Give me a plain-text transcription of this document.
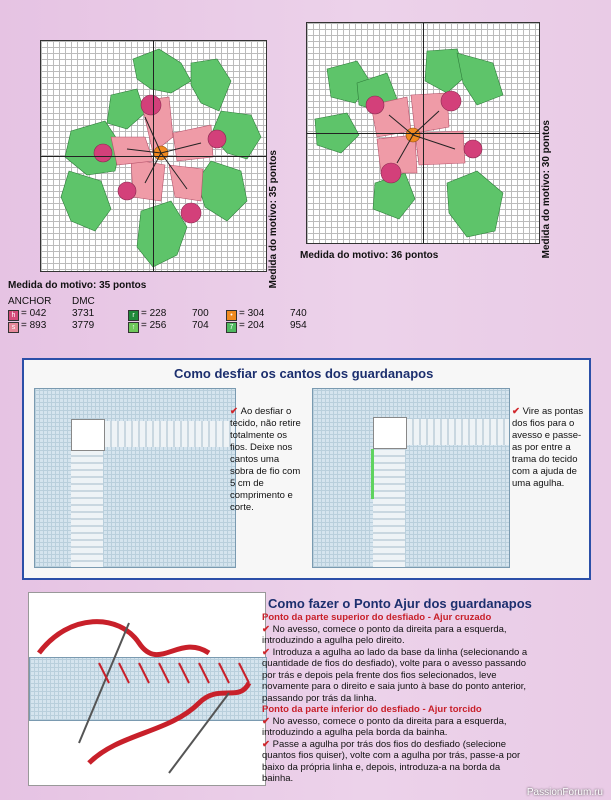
Medida do motivo: 35 pontos
Medida do motivo: 35 pontos
Medida do motivo: 30 pontos
Medida do motivo: 36 pontos
ANCHOR DMC
h = 042	3731
s = 893	3779
r = 228	700
↑ = 256	704
• = 304	740
7 = 204	954
Como desfiar os cantos dos guardanapos
✔ Ao desfiar o tecido, não retire totalmente os fios. Deixe nos cantos uma sobra de fio com 5 cm de comprimento e corte.
✔ Vire as pontas dos fios para o avesso e passe-as por entre a trama do tecido com a ajuda de uma agulha.
Como fazer o Ponto Ajur dos guardanapos
Ponto da parte superior do desfiado - Ajur cruzado
✔ No avesso, comece o ponto da direita para a esquerda, introduzindo a agulha pelo direito.
✔ Introduza a agulha ao lado da base da linha (selecionando a quantidade de fios do desfiado), volte para o avesso passando por trás e depois pela frente dos fios selecionados, leve novamente para o direito e saia junto à base do ponto anterior, passando por trás da linha.
Ponto da parte inferior do desfiado - Ajur torcido
✔ No avesso, comece o ponto da direita para a esquerda, introduzindo a agulha pela borda da bainha.
✔ Passe a agulha por trás dos fios do desfiado (selecione quantos fios quiser), volte com a agulha por trás, passe-a por baixo da própria linha e, depois, introduza-a na borda da bainha.
PassionForum.ru
